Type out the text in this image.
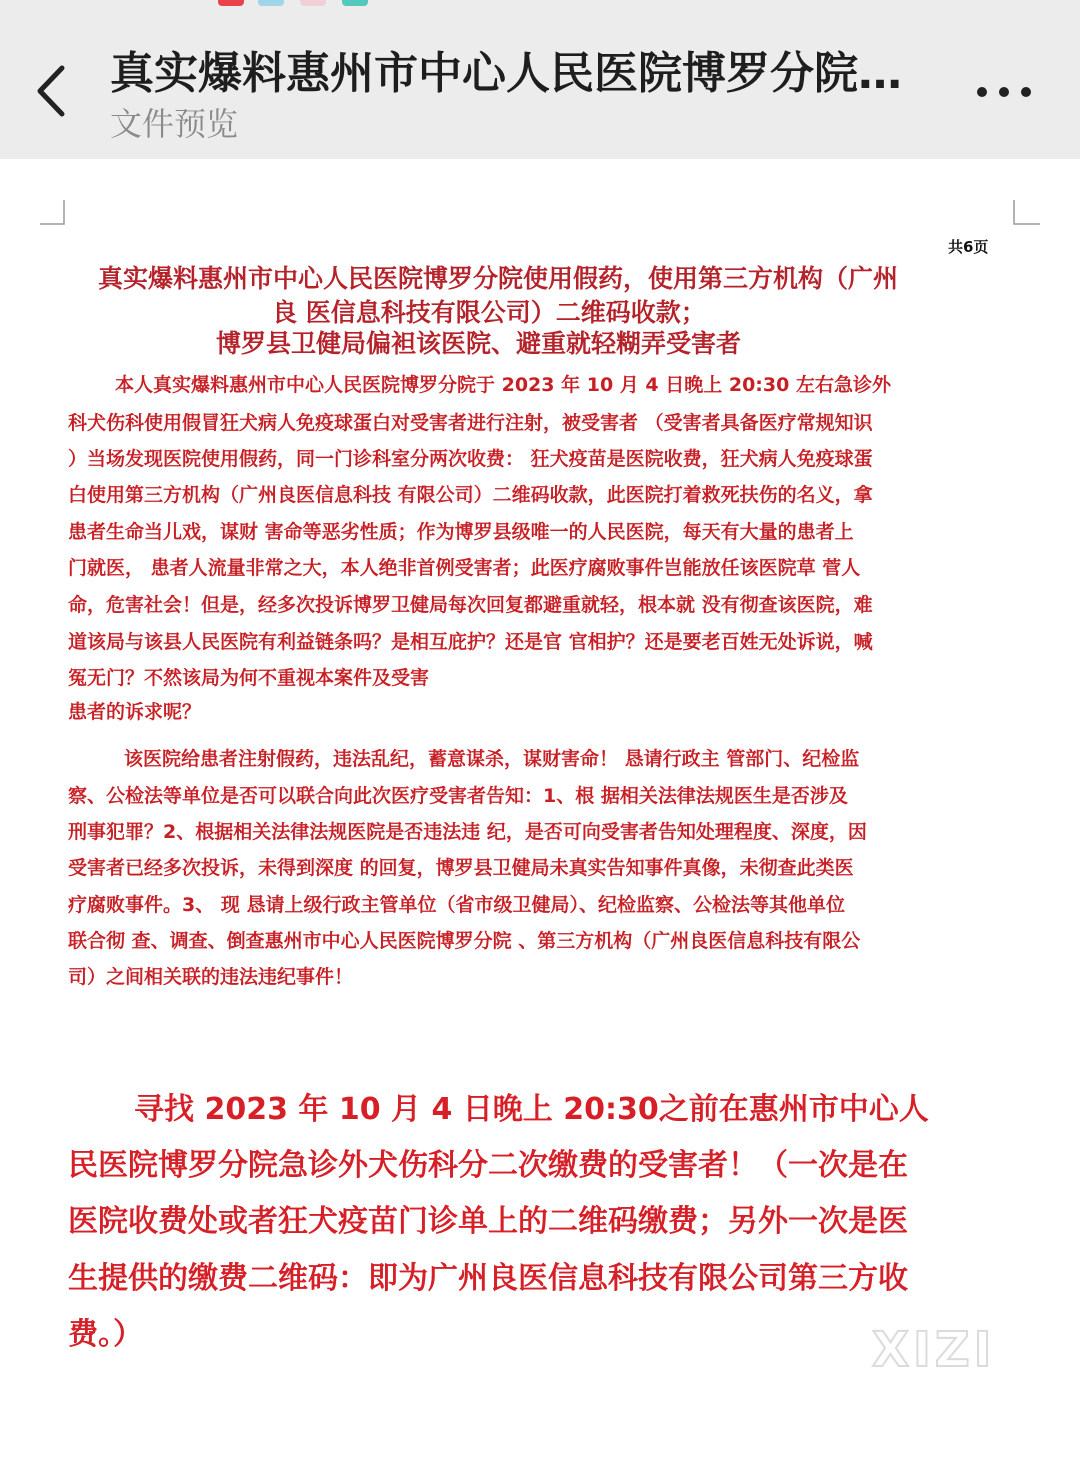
真实爆料惠州市中心人民医院博罗分院…
文件预览
共6页
真实爆料惠州市中心人民医院博罗分院使用假药，使用第三方机构（广州
良 医信息科技有限公司）二维码收款；
博罗县卫健局偏袒该医院、避重就轻糊弄受害者
本人真实爆料惠州市中心人民医院博罗分院于 2023 年 10 月 4 日晚上 20:30 左右急诊外
科犬伤科使用假冒狂犬病人免疫球蛋白对受害者进行注射，被受害者 （受害者具备医疗常规知识
）当场发现医院使用假药，同一门诊科室分两次收费： 狂犬疫苗是医院收费，狂犬病人免疫球蛋
白使用第三方机构（广州良医信息科技 有限公司）二维码收款，此医院打着救死扶伤的名义，拿
患者生命当儿戏，谋财 害命等恶劣性质；作为博罗县级唯一的人民医院，每天有大量的患者上
门就医， 患者人流量非常之大，本人绝非首例受害者；此医疗腐败事件岂能放任该医院草 菅人
命，危害社会！但是，经多次投诉博罗卫健局每次回复都避重就轻，根本就 没有彻查该医院，难
道该局与该县人民医院有利益链条吗？是相互庇护？还是官 官相护？还是要老百姓无处诉说，喊
冤无门？不然该局为何不重视本案件及受害
患者的诉求呢？
该医院给患者注射假药，违法乱纪，蓄意谋杀，谋财害命！ 恳请行政主 管部门、纪检监
察、公检法等单位是否可以联合向此次医疗受害者告知：1、根 据相关法律法规医生是否涉及
刑事犯罪？2、根据相关法律法规医院是否违法违 纪，是否可向受害者告知处理程度、深度，因
受害者已经多次投诉，未得到深度 的回复，博罗县卫健局未真实告知事件真像，未彻查此类医
疗腐败事件。3、 现 恳请上级行政主管单位（省市级卫健局）、纪检监察、公检法等其他单位
联合彻 查、调查、倒查惠州市中心人民医院博罗分院 、第三方机构（广州良医信息科技有限公
司）之间相关联的违法违纪事件！
寻找 2023 年 10 月 4 日晚上 20:30之前在惠州市中心人
民医院博罗分院急诊外犬伤科分二次缴费的受害者！（一次是在
医院收费处或者狂犬疫苗门诊单上的二维码缴费；另外一次是医
生提供的缴费二维码：即为广州良医信息科技有限公司第三方收
费。）	XIZI
